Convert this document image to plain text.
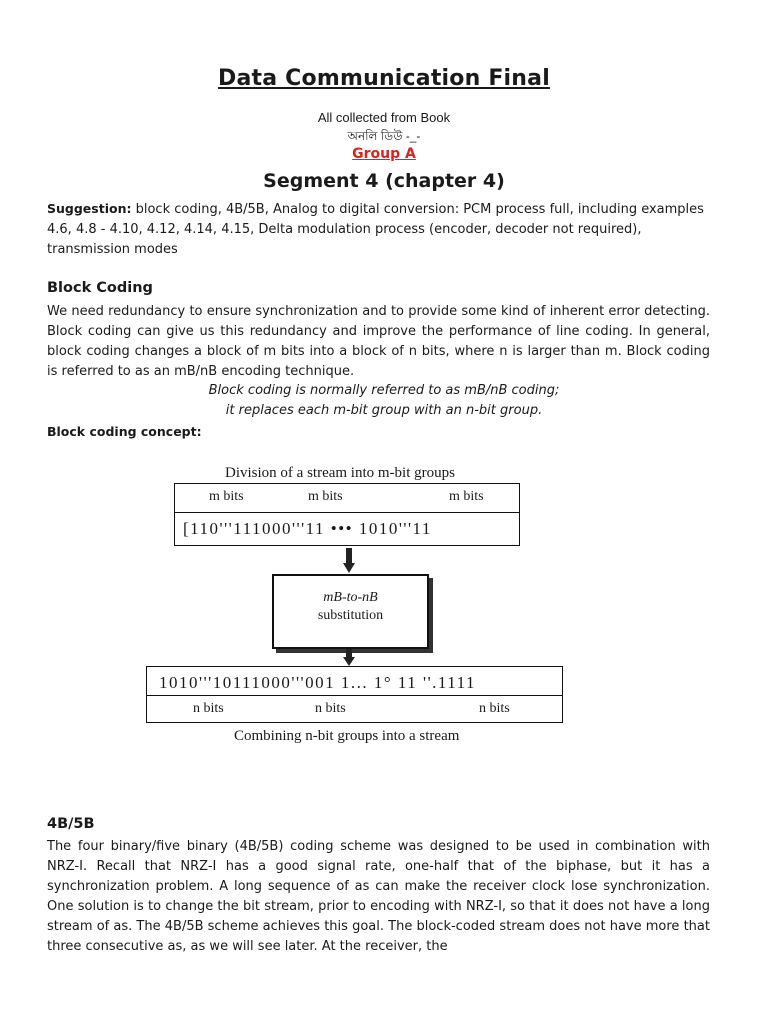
Data Communication Final
All collected from Book
অনলি ডিউ -_-
Group A
Segment 4 (chapter 4)
Suggestion: block coding, 4B/5B, Analog to digital conversion: PCM process full, including examples 4.6, 4.8 - 4.10, 4.12, 4.14, 4.15, Delta modulation process (encoder, decoder not required), transmission modes
Block Coding
We need redundancy to ensure synchronization and to provide some kind of inherent error detecting. Block coding can give us this redundancy and improve the performance of line coding. In general, block coding changes a block of m bits into a block of n bits, where n is larger than m. Block coding is referred to as an mB/nB encoding technique.
Block coding is normally referred to as mB/nB coding;
it replaces each m-bit group with an n-bit group.
Block coding concept:
Division of a stream into m-bit groups
m bits	m bits	m bits
[110'''111000'''11 ••• 1010'''11
mB-to-nB
substitution
1010'''10111000'''001 1... 1° 11 ''.1111
n bits	n bits	n bits
Combining n-bit groups into a stream
4B/5B
The four binary/five binary (4B/5B) coding scheme was designed to be used in combination with NRZ-I. Recall that NRZ-I has a good signal rate, one-half that of the biphase, but it has a synchronization problem. A long sequence of as can make the receiver clock lose synchronization. One solution is to change the bit stream, prior to encoding with NRZ-I, so that it does not have a long stream of as. The 4B/5B scheme achieves this goal. The block-coded stream does not have more that three consecutive as, as we will see later. At the receiver, the
